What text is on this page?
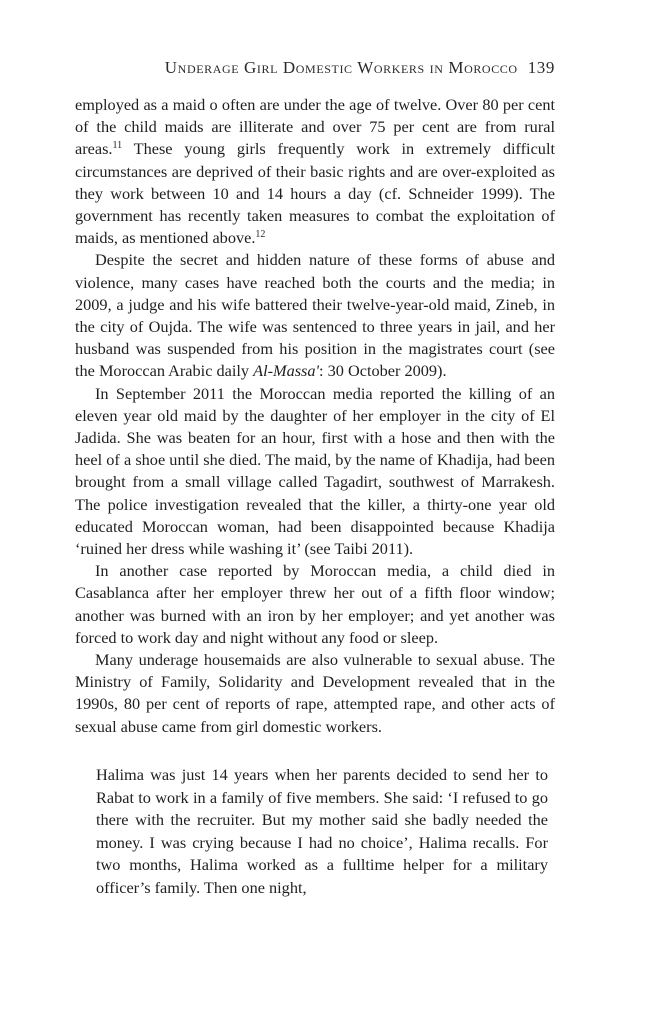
Underage Girl Domestic Workers in Morocco 139

employed as a maid o often are under the age of twelve. Over 80 per cent of the child maids are illiterate and over 75 per cent are from rural areas.$^{11}$ These young girls frequently work in extremely difficult circumstances are deprived of their basic rights and are over-exploited as they work between 10 and 14 hours a day (cf. Schneider 1999). The government has recently taken measures to combat the exploitation of maids, as mentioned above.$^{12}$

Despite the secret and hidden nature of these forms of abuse and violence, many cases have reached both the courts and the media; in 2009, a judge and his wife battered their twelve-year-old maid, Zineb, in the city of Oujda. The wife was sentenced to three years in jail, and her husband was suspended from his position in the magistrates court (see the Moroccan Arabic daily Al-Massa': 30 October 2009).

In September 2011 the Moroccan media reported the killing of an eleven year old maid by the daughter of her employer in the city of El Jadida. She was beaten for an hour, first with a hose and then with the heel of a shoe until she died. The maid, by the name of Khadija, had been brought from a small village called Tagadirt, southwest of Marrakesh. The police investigation revealed that the killer, a thirty-one year old educated Moroccan woman, had been disappointed because Khadija ‘ruined her dress while washing it’ (see Taibi 2011).

In another case reported by Moroccan media, a child died in Casablanca after her employer threw her out of a fifth floor window; another was burned with an iron by her employer; and yet another was forced to work day and night without any food or sleep.

Many underage housemaids are also vulnerable to sexual abuse. The Ministry of Family, Solidarity and Development revealed that in the 1990s, 80 per cent of reports of rape, attempted rape, and other acts of sexual abuse came from girl domestic workers.

Halima was just 14 years when her parents decided to send her to Rabat to work in a family of five members. She said: ‘I refused to go there with the recruiter. But my mother said she badly needed the money. I was crying because I had no choice’, Halima recalls. For two months, Halima worked as a fulltime helper for a military officer’s family. Then one night,
